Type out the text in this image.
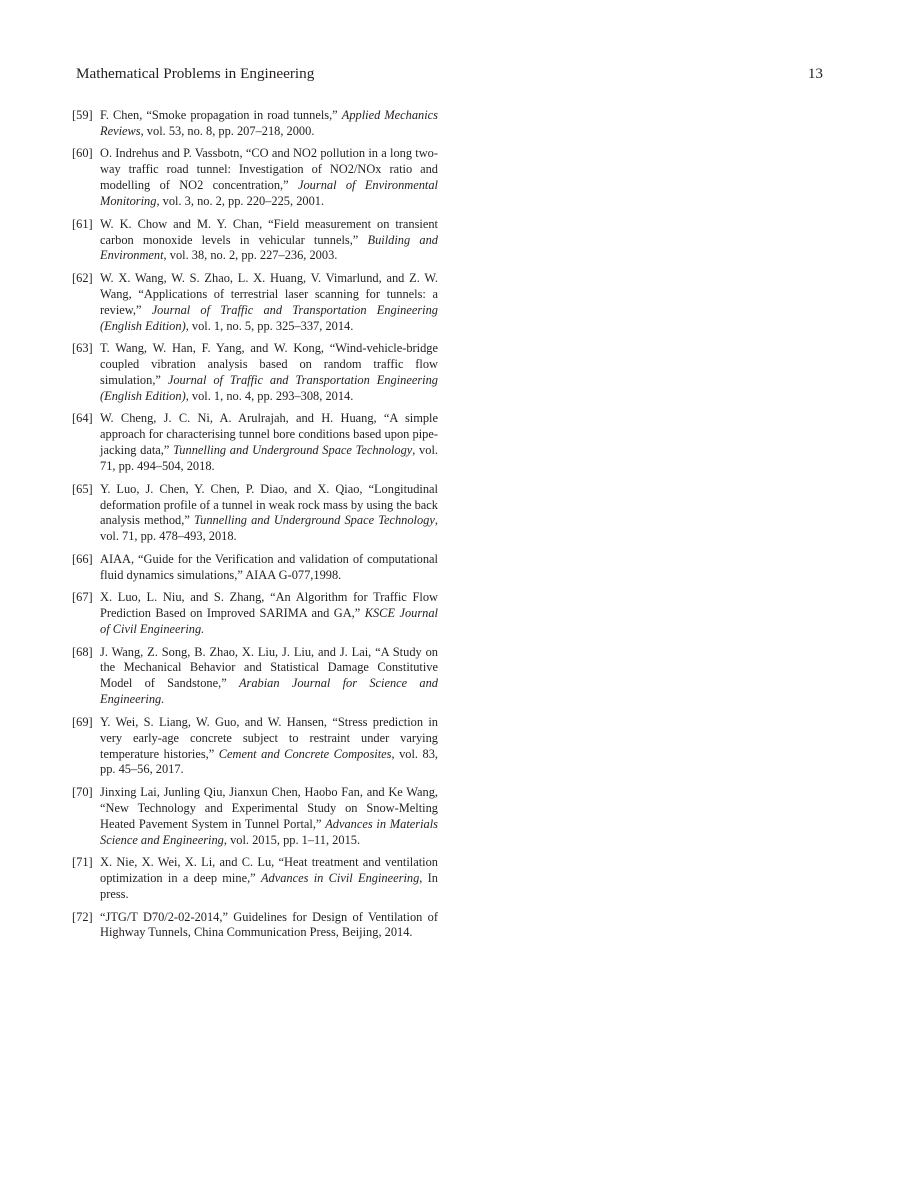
Mathematical Problems in Engineering	13
[59] F. Chen, “Smoke propagation in road tunnels,” Applied Mechanics Reviews, vol. 53, no. 8, pp. 207–218, 2000.
[60] O. Indrehus and P. Vassbotn, “CO and NO2 pollution in a long two-way traffic road tunnel: Investigation of NO2/NOx ratio and modelling of NO2 concentration,” Journal of Environmental Monitoring, vol. 3, no. 2, pp. 220–225, 2001.
[61] W. K. Chow and M. Y. Chan, “Field measurement on transient carbon monoxide levels in vehicular tunnels,” Building and Environment, vol. 38, no. 2, pp. 227–236, 2003.
[62] W. X. Wang, W. S. Zhao, L. X. Huang, V. Vimarlund, and Z. W. Wang, “Applications of terrestrial laser scanning for tunnels: a review,” Journal of Traffic and Transportation Engineering (English Edition), vol. 1, no. 5, pp. 325–337, 2014.
[63] T. Wang, W. Han, F. Yang, and W. Kong, “Wind-vehicle-bridge coupled vibration analysis based on random traffic flow simulation,” Journal of Traffic and Transportation Engineering (English Edition), vol. 1, no. 4, pp. 293–308, 2014.
[64] W. Cheng, J. C. Ni, A. Arulrajah, and H. Huang, “A simple approach for characterising tunnel bore conditions based upon pipe-jacking data,” Tunnelling and Underground Space Technology, vol. 71, pp. 494–504, 2018.
[65] Y. Luo, J. Chen, Y. Chen, P. Diao, and X. Qiao, “Longitudinal deformation profile of a tunnel in weak rock mass by using the back analysis method,” Tunnelling and Underground Space Technology, vol. 71, pp. 478–493, 2018.
[66] AIAA, “Guide for the Verification and validation of computational fluid dynamics simulations,” AIAA G-077,1998.
[67] X. Luo, L. Niu, and S. Zhang, “An Algorithm for Traffic Flow Prediction Based on Improved SARIMA and GA,” KSCE Journal of Civil Engineering.
[68] J. Wang, Z. Song, B. Zhao, X. Liu, J. Liu, and J. Lai, “A Study on the Mechanical Behavior and Statistical Damage Constitutive Model of Sandstone,” Arabian Journal for Science and Engineering.
[69] Y. Wei, S. Liang, W. Guo, and W. Hansen, “Stress prediction in very early-age concrete subject to restraint under varying temperature histories,” Cement and Concrete Composites, vol. 83, pp. 45–56, 2017.
[70] Jinxing Lai, Junling Qiu, Jianxun Chen, Haobo Fan, and Ke Wang, “New Technology and Experimental Study on Snow-Melting Heated Pavement System in Tunnel Portal,” Advances in Materials Science and Engineering, vol. 2015, pp. 1–11, 2015.
[71] X. Nie, X. Wei, X. Li, and C. Lu, “Heat treatment and ventilation optimization in a deep mine,” Advances in Civil Engineering, In press.
[72] “JTG/T D70/2-02-2014,” Guidelines for Design of Ventilation of Highway Tunnels, China Communication Press, Beijing, 2014.
